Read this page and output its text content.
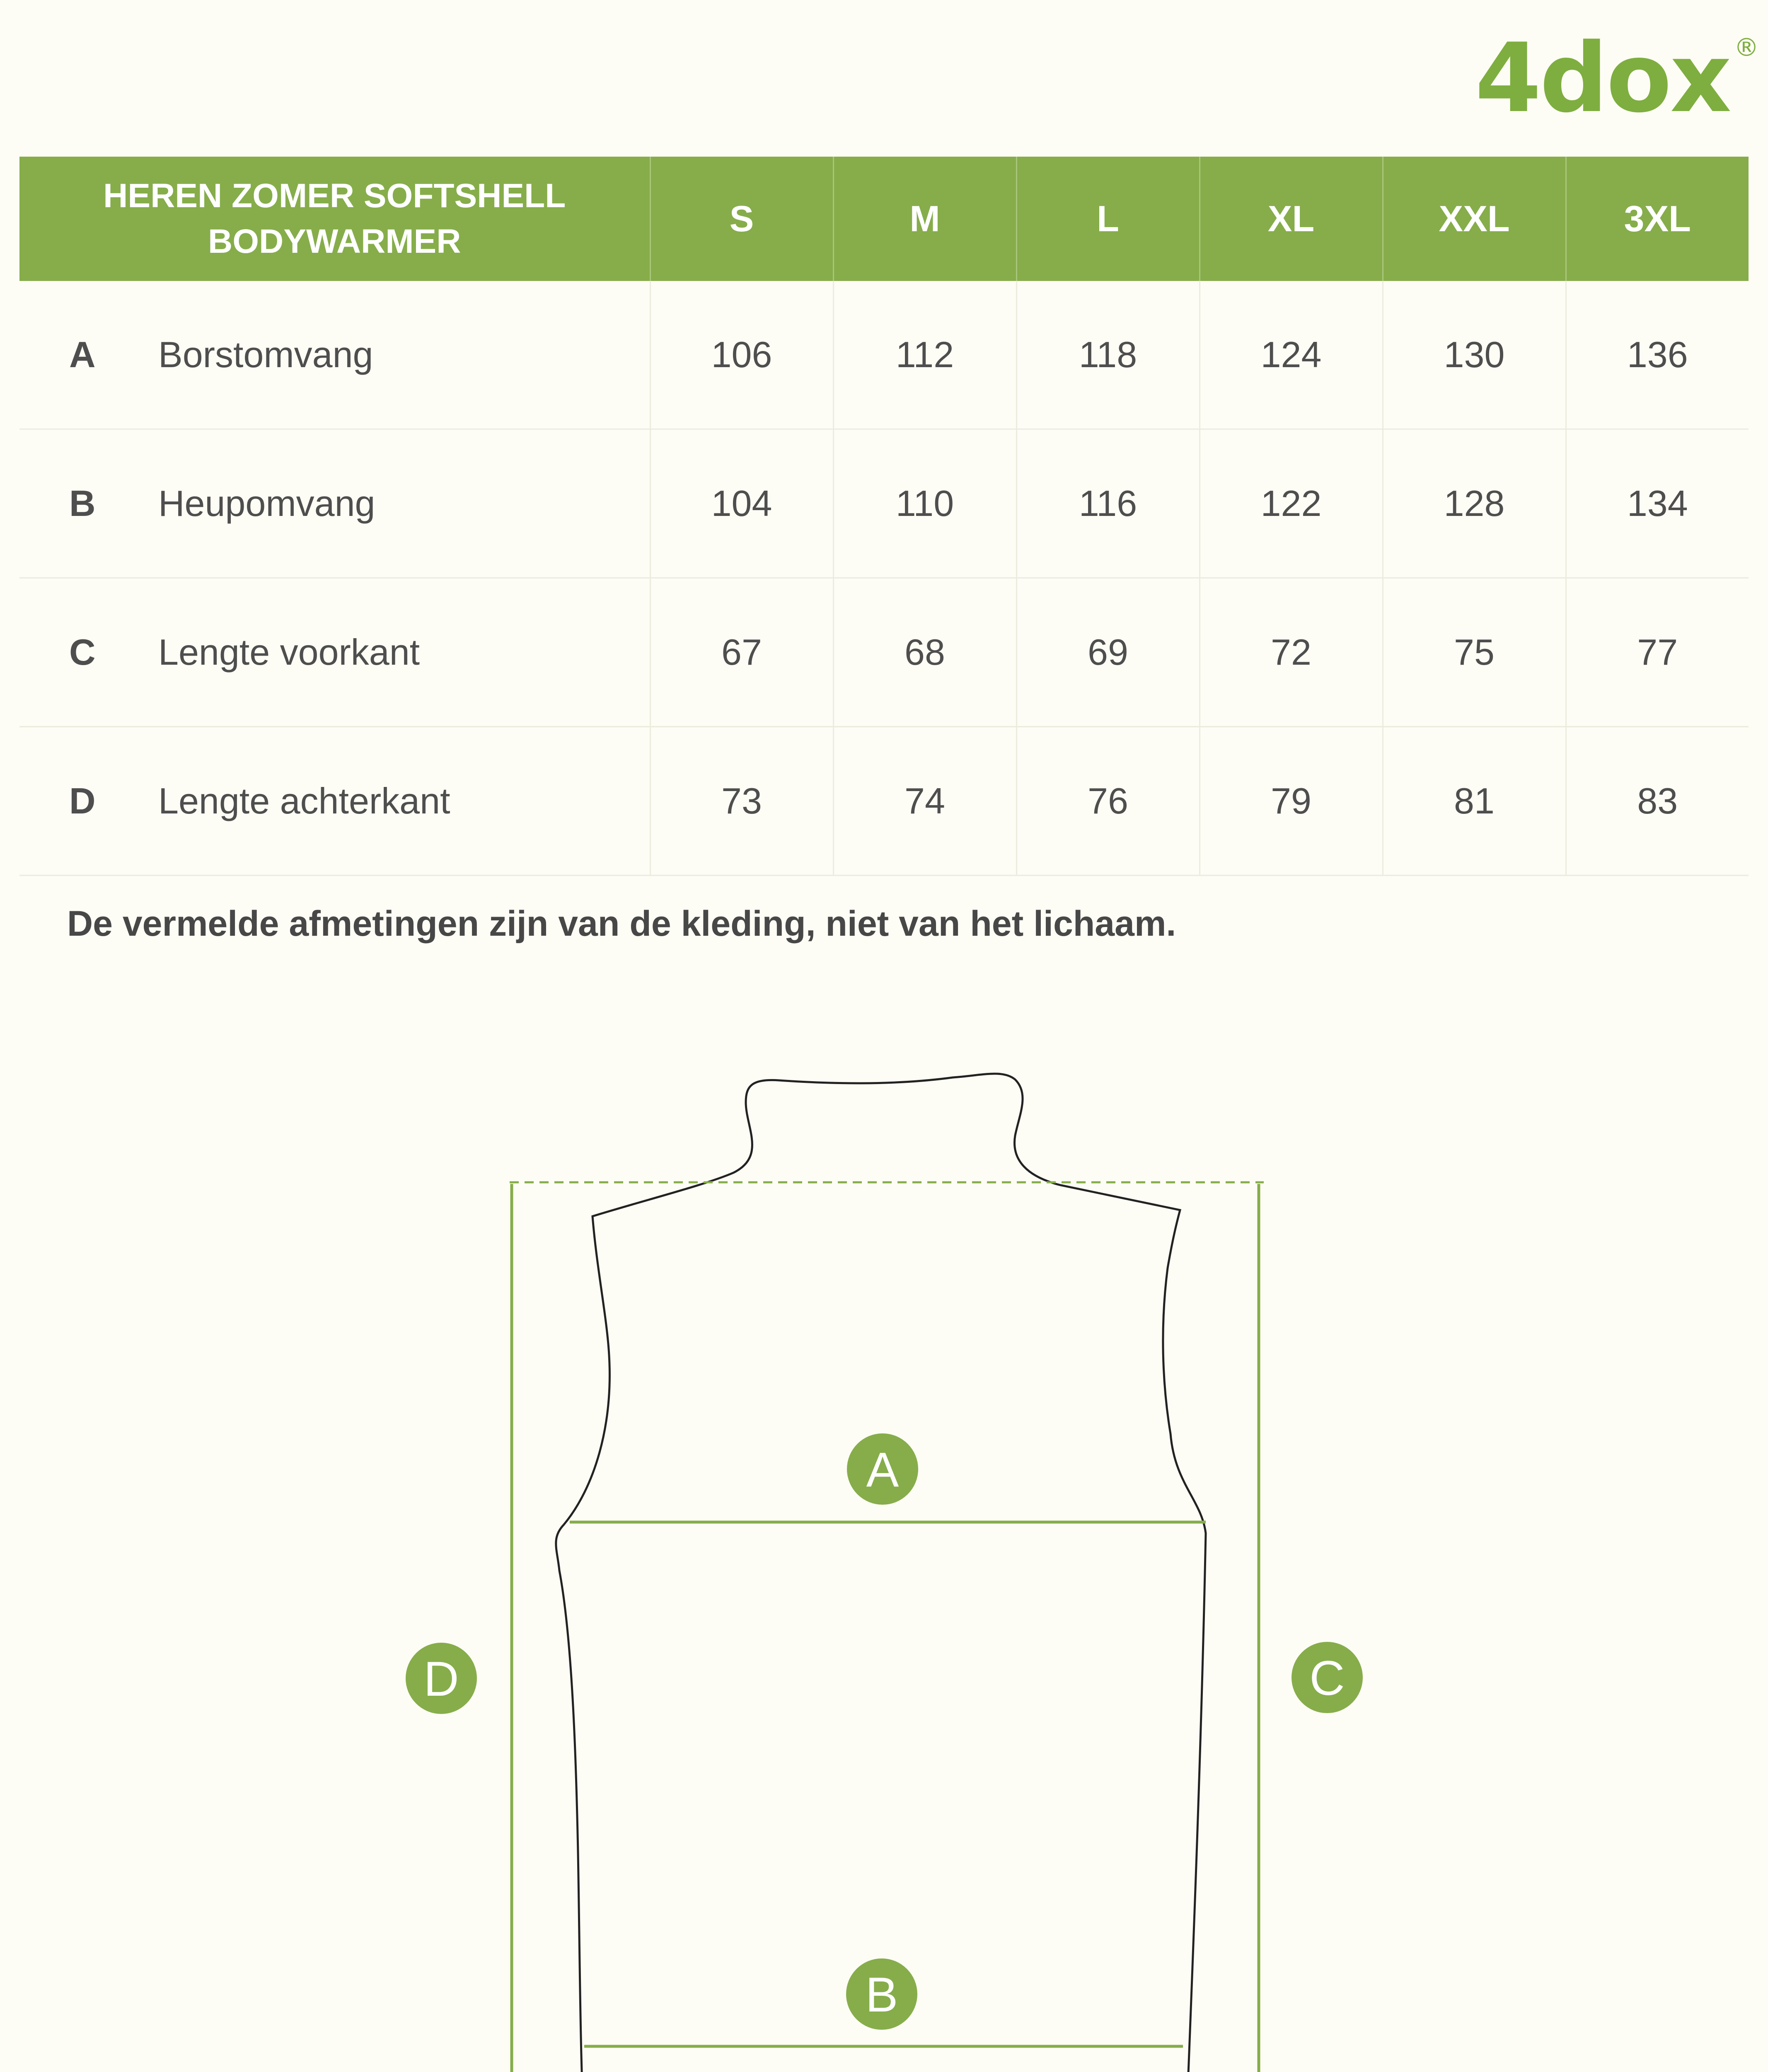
4dox ®
HEREN ZOMER SOFTSHELL BODYWARMER	S	M	L	XL	XXL	3XL
A Borstomvang	106	112	118	124	130	136
B Heupomvang	104	110	116	122	128	134
C Lengte voorkant	67	68	69	72	75	77
D Lengte achterkant	73	74	76	79	81	83
De vermelde afmetingen zijn van de kleding, niet van het lichaam.
A
B
C
D
